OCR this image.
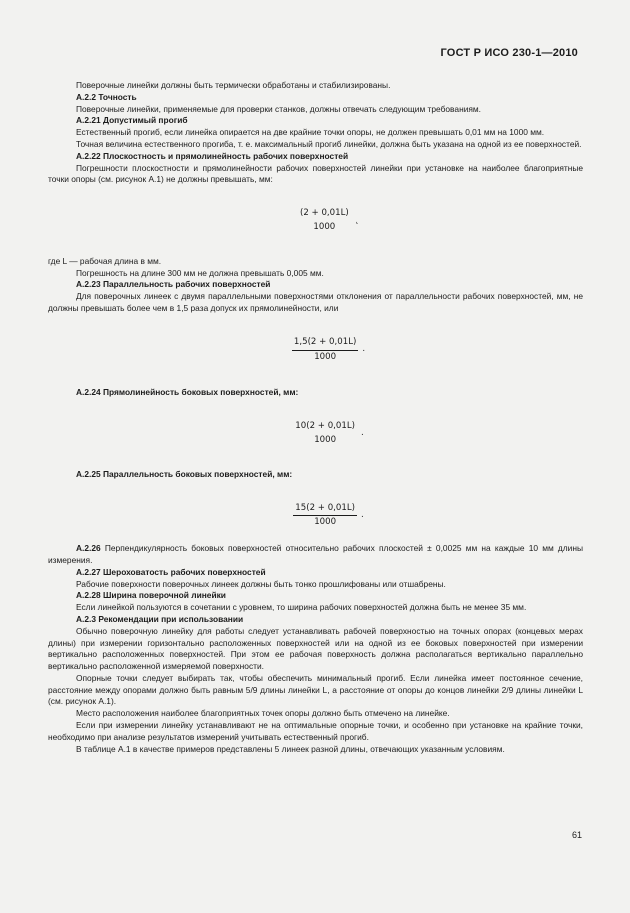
ГОСТ Р ИСО 230-1—2010

Поверочные линейки должны быть термически обработаны и стабилизированы.

А.2.2 Точность

Поверочные линейки, применяемые для проверки станков, должны отвечать следующим требованиям.

А.2.21 Допустимый прогиб

Естественный прогиб, если линейка опирается на две крайние точки опоры, не должен превышать 0,01 мм на 1000 мм.

Точная величина естественного прогиба, т. е. максимальный прогиб линейки, должна быть указана на одной из ее поверхностей.

А.2.22 Плоскостность и прямолинейность рабочих поверхностей

Погрешности плоскостности и прямолинейности рабочих поверхностей линейки при установке на наиболее благоприятные точки опоры (см. рисунок А.1) не должны превышать, мм:

(2 + 0,01L)
1000
˛

где L — рабочая длина в мм.

Погрешность на длине 300 мм не должна превышать 0,005 мм.

А.2.23 Параллельность рабочих поверхностей

Для поверочных линеек с двумя параллельными поверхностями отклонения от параллельности рабочих поверхностей, мм, не должны превышать более чем в 1,5 раза допуск их прямолинейности, или

$\frac{1,5(2 + 0,01L)}{1000}$ .

А.2.24 Прямолинейность боковых поверхностей, мм:

10(2 + 0,01L)
1000
.

А.2.25 Параллельность боковых поверхностей, мм:

$\frac{15(2 + 0,01L)}{1000}$ .

А.2.26 Перпендикулярность боковых поверхностей относительно рабочих плоскостей ± 0,0025 мм на каждые 10 мм длины измерения.

А.2.27 Шероховатость рабочих поверхностей

Рабочие поверхности поверочных линеек должны быть тонко прошлифованы или отшабрены.

А.2.28 Ширина поверочной линейки

Если линейкой пользуются в сочетании с уровнем, то ширина рабочих поверхностей должна быть не менее 35 мм.

А.2.3 Рекомендации при использовании

Обычно поверочную линейку для работы следует устанавливать рабочей поверхностью на точных опорах (концевых мерах длины) при измерении горизонтально расположенных поверхностей или на одной из ее боковых поверхностей при измерении вертикально расположенных поверхностей. При этом ее рабочая поверхность должна располагаться вертикально параллельно вертикально расположенной измеряемой поверхности.

Опорные точки следует выбирать так, чтобы обеспечить минимальный прогиб. Если линейка имеет постоянное сечение, расстояние между опорами должно быть равным 5/9 длины линейки L, а расстояние от опоры до концов линейки 2/9 длины линейки L (см. рисунок А.1).

Место расположения наиболее благоприятных точек опоры должно быть отмечено на линейке.

Если при измерении линейку устанавливают не на оптимальные опорные точки, и особенно при установке на крайние точки, необходимо при анализе результатов измерений учитывать естественный прогиб.

В таблице А.1 в качестве примеров представлены 5 линеек разной длины, отвечающих указанным условиям.

61
